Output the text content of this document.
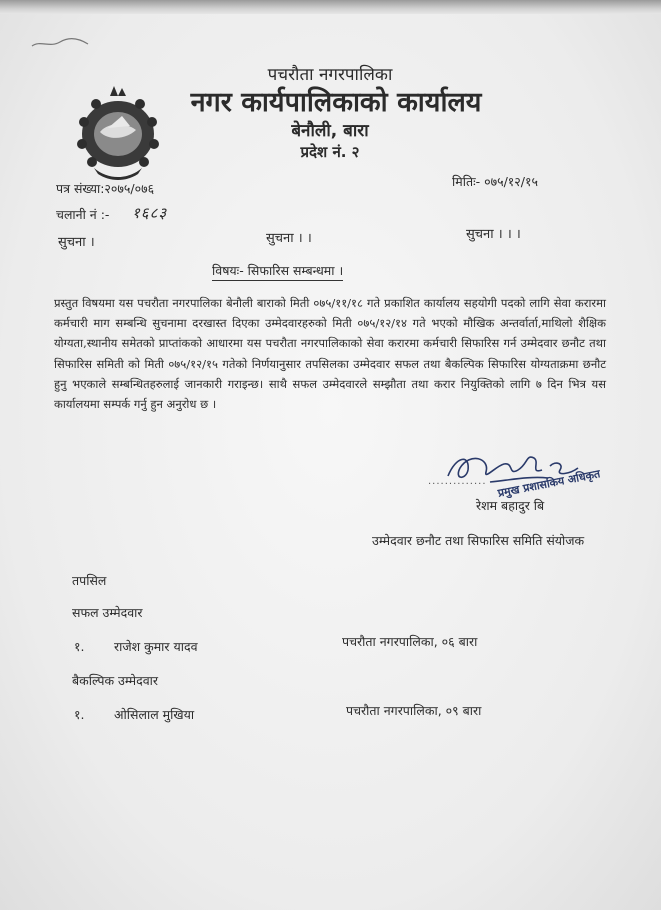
पचरौता नगरपालिका
नगर कार्यपालिकाको कार्यालय
बेनौली, बारा
प्रदेश नं. २
पत्र संख्या:२०७५/०७६	मितिः- ०७५/१२/१५
चलानी नं :- १६८३
सुचना ।	सुचना । ।	सुचना । । ।
विषयः- सिफारिस सम्बन्धमा ।
प्रस्तुत विषयमा यस पचरौता नगरपालिका बेनौली बाराको मिती ०७५/११/१८ गते प्रकाशित कार्यालय सहयोगी पदको लागि सेवा करारमा कर्मचारी माग सम्बन्धि सुचनामा दरखास्त दिएका उम्मेदवारहरुको मिती ०७५/१२/१४ गते भएको मौखिक अन्तर्वार्ता,माथिलो शैक्षिक योग्यता,स्थानीय समेतको प्राप्तांकको आधारमा यस पचरौता नगरपालिकाको सेवा करारमा कर्मचारी सिफारिस गर्न उम्मेदवार छनौट तथा सिफारिस समिती को मिती ०७५/१२/१५ गतेको निर्णयानुसार तपसिलका उम्मेदवार सफल तथा बैकल्पिक सिफारिस योग्यताक्रमा छनौट हुनु भएकाले सम्बन्धितहरुलाई जानकारी गराइन्छ। साथै सफल उम्मेदवारले सम्झौता तथा करार नियुक्तिको लागि ७ दिन भित्र यस कार्यालयमा सम्पर्क गर्नु हुन अनुरोध छ ।
..............
रेशम बहादुर बि
प्रमुख प्रशासकिय अधिकृत
उम्मेदवार छनौट तथा सिफारिस समिति संयोजक
तपसिल
सफल उम्मेदवार
१. राजेश कुमार यादव	पचरौता नगरपालिका, ०६ बारा
बैकल्पिक उम्मेदवार
१. ओसिलाल मुखिया	पचरौता नगरपालिका, ०९ बारा
